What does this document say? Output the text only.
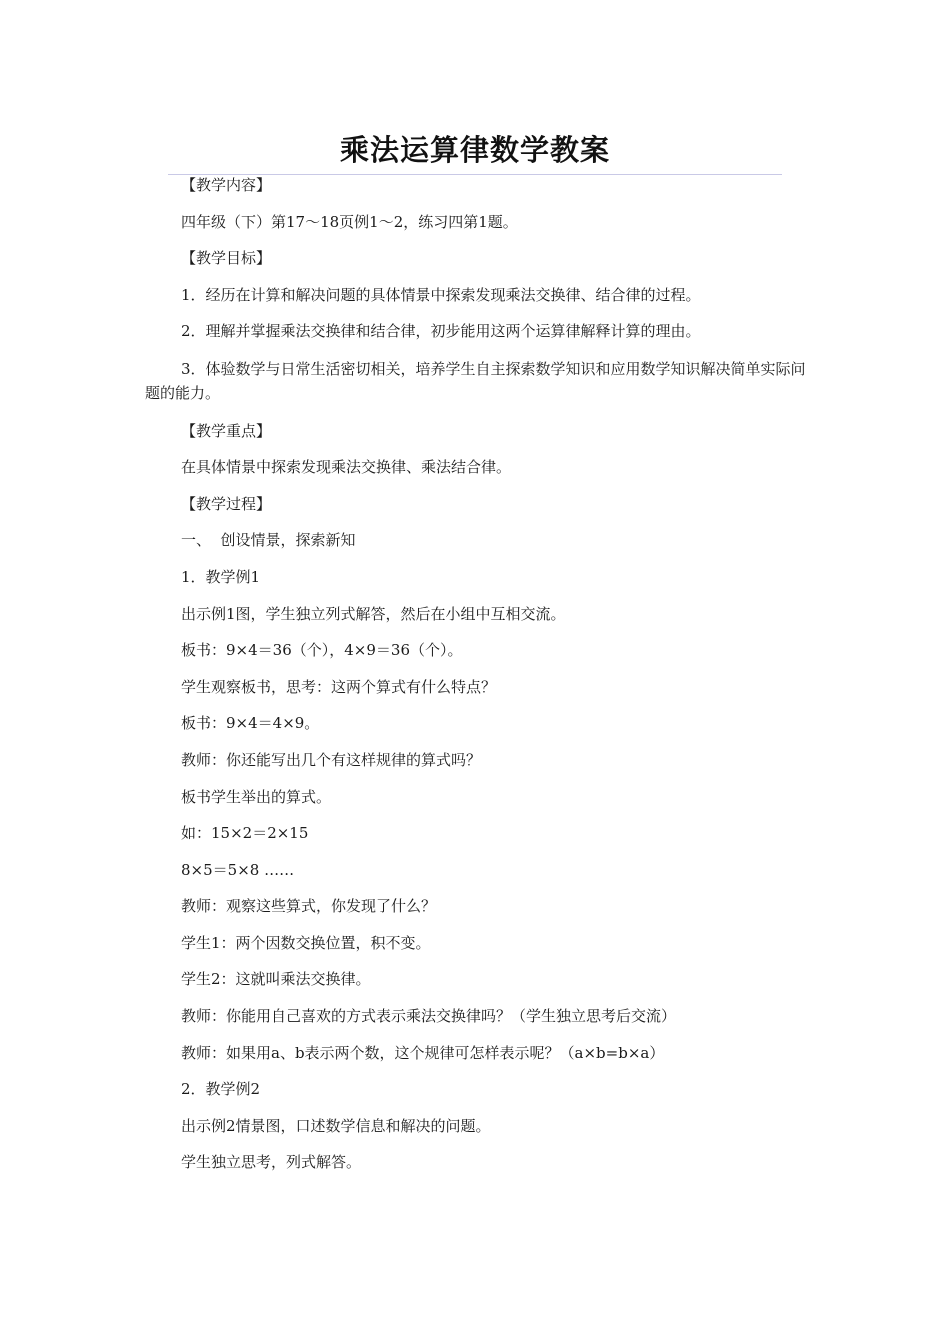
乘法运算律数学教案

【教学内容】

四年级（下）第17～18页例1～2，练习四第1题。

【教学目标】

1．经历在计算和解决问题的具体情景中探索发现乘法交换律、结合律的过程。

2．理解并掌握乘法交换律和结合律，初步能用这两个运算律解释计算的理由。

3．体验数学与日常生活密切相关，培养学生自主探索数学知识和应用数学知识解决简单实际问题的能力。

【教学重点】

在具体情景中探索发现乘法交换律、乘法结合律。

【教学过程】

一、  创设情景，探索新知

1．教学例1

出示例1图，学生独立列式解答，然后在小组中互相交流。

板书：9×4＝36（个），4×9＝36（个）。

学生观察板书，思考：这两个算式有什么特点？

板书：9×4＝4×9。

教师：你还能写出几个有这样规律的算式吗？

板书学生举出的算式。

如：15×2＝2×15

8×5＝5×8 ……

教师：观察这些算式，你发现了什么？

学生1：两个因数交换位置，积不变。

学生2：这就叫乘法交换律。

教师：你能用自己喜欢的方式表示乘法交换律吗？（学生独立思考后交流）

教师：如果用a、b表示两个数，这个规律可怎样表示呢？（a×b=b×a）

2．教学例2

出示例2情景图，口述数学信息和解决的问题。

学生独立思考，列式解答。
